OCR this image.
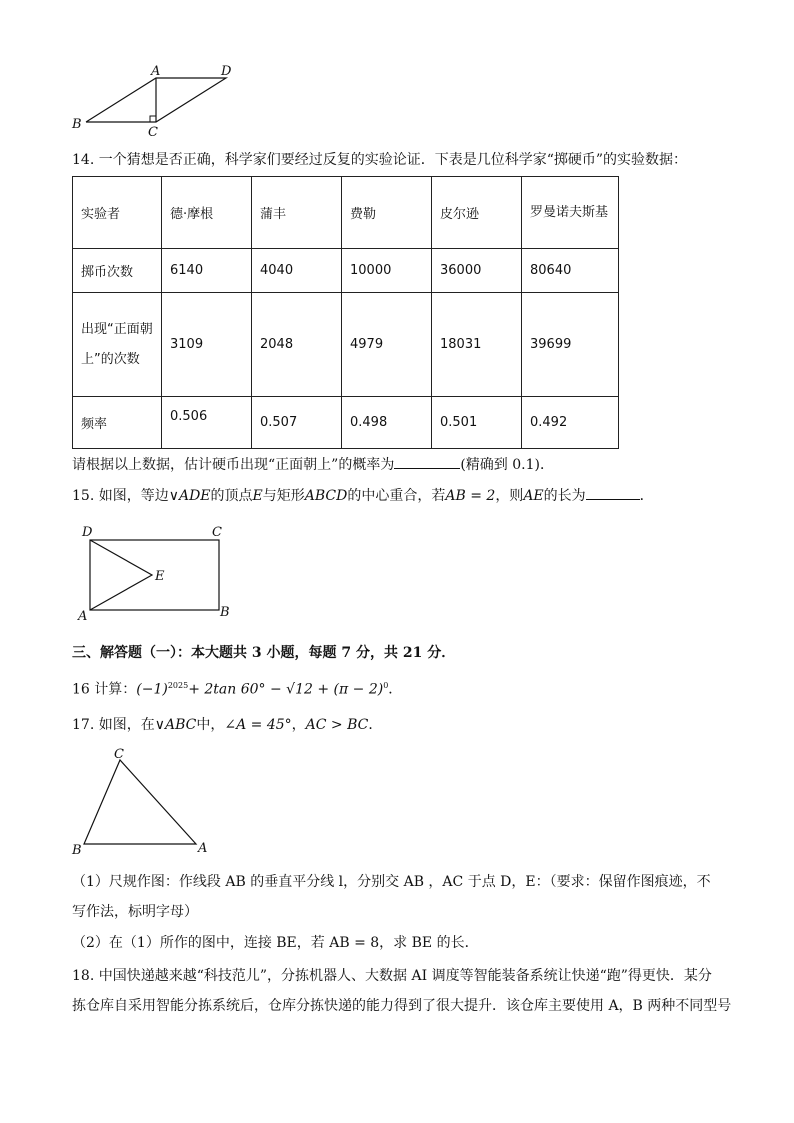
A	D
B
C
14. 一个猜想是否正确，科学家们要经过反复的实验论证．下表是几位科学家“掷硬币”的实验数据：
实验者	德·摩根	蒲丰	费勒	皮尔逊	罗曼诺夫斯基
掷币次数	6140	4040	10000	36000	80640
出现“正面朝上”的次数	3109	2048	4979	18031	39699
频率	0.506	0.507	0.498	0.501	0.492
请根据以上数据，估计硬币出现“正面朝上”的概率为	(精确到 0.1)．
15. 如图，等边∨ADE的顶点E与矩形ABCD的中心重合，若AB = 2，则AE的长为	．
D	C
E
A	B
三、解答题（一）：本大题共 3 小题，每题 7 分，共 21 分．
16 计算：$(-1)^{2025}+ 2\tan$ $60^\circ - √12 + (\pi - 2)^0$．
17. 如图，在∨ABC中，∠A = 45°，AC > BC．
C
B	A
（1）尺规作图：作线段 AB 的垂直平分线 l，分别交 AB ，AC 于点 D，E：（要求：保留作图痕迹，不
写作法，标明字母）
（2）在（1）所作的图中，连接 BE，若 AB = 8，求 BE 的长．
18. 中国快递越来越“科技范儿”，分拣机器人、大数据 AI 调度等智能装备系统让快递“跑”得更快．某分
拣仓库自采用智能分拣系统后，仓库分拣快递的能力得到了很大提升．该仓库主要使用 A，B 两种不同型号
